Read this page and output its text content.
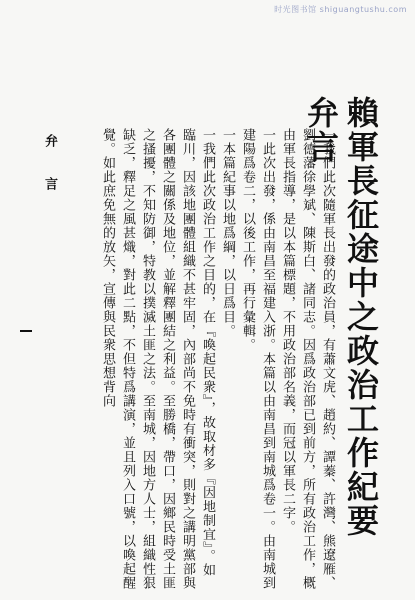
时光图书馆 shiguangtushu.com
賴軍長征途中之政治工作紀要弁言

一我們此次隨軍長出發的政治員，有蕭文虎、趙約、譚蓁、許灣、熊遼雁、劉德藩徐學斌、陳斯白、諸同志。因爲政治部已到前方，所有政治工作，概由軍長指導，是以本篇標題，不用政治部名義，而冠以軍長二字。

一此次出發，係由南昌至福建入浙。本篇以由南昌到南城爲卷一。由南城到建陽爲卷二，以後工作，再行彙輯。

一本篇紀事以地爲綱，以日爲目。

一我們此次政治工作之目的，在『喚起民衆』，故取材多『因地制宜』。如臨川，因該地團體組織不甚牢固，內部尚不免時有衝突，則對之講明黨部與各團體之關係及地位，並解釋團結之利益。至勝橋，帶口，因鄉民時受土匪之搔擾，不知防御，特教以撲滅土匪之法。至南城，因地方人士，組織性狠缺乏，釋足之風甚熾，對此二點，不但特爲講演，並且列入口號，以喚起醒覺。如此庶免無的放矢，宣傳與民衆思想背向

弁言
